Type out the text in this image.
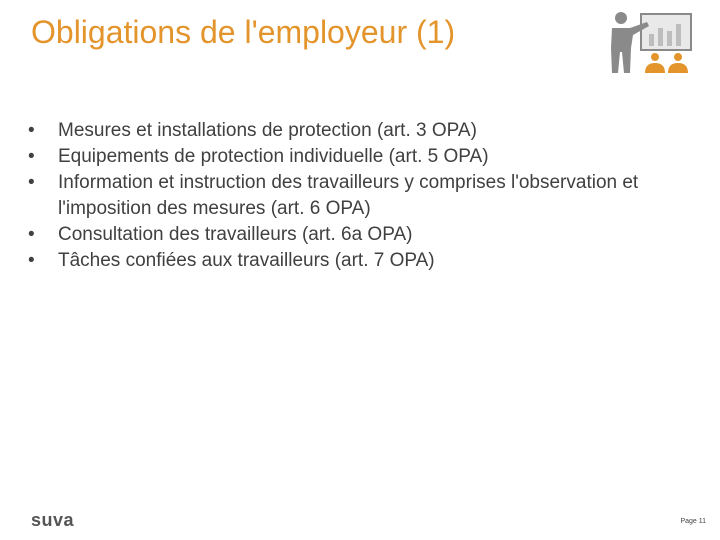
Obligations de l'employeur (1)
•	Mesures et installations de protection (art. 3 OPA)
•	Equipements de protection individuelle (art. 5 OPA)
•	Information et instruction des travailleurs y comprises l'observation et l'imposition des mesures (art. 6 OPA)
•	Consultation des travailleurs (art. 6a OPA)
•	Tâches confiées aux travailleurs (art. 7 OPA)
suva	Page 11
